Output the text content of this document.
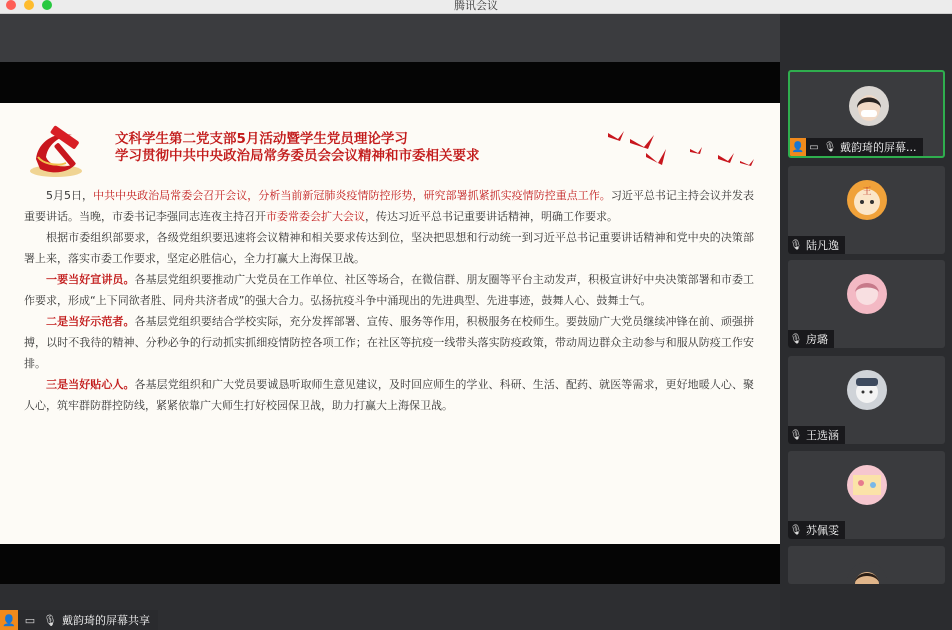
腾讯会议
文科学生第二党支部5月活动暨学生党员理论学习
学习贯彻中共中央政治局常务委员会会议精神和市委相关要求

5月5日，中共中央政治局常委会召开会议，分析当前新冠肺炎疫情防控形势，研究部署抓紧抓实疫情防控重点工作。习近平总书记主持会议并发表重要讲话。当晚，市委书记李强同志连夜主持召开市委常委会扩大会议，传达习近平总书记重要讲话精神，明确工作要求。

根据市委组织部要求，各级党组织要迅速将会议精神和相关要求传达到位，坚决把思想和行动统一到习近平总书记重要讲话精神和党中央的决策部署上来，落实市委工作要求，坚定必胜信心，全力打赢大上海保卫战。

一要当好宣讲员。各基层党组织要推动广大党员在工作单位、社区等场合，在微信群、朋友圈等平台主动发声，积极宣讲好中央决策部署和市委工作要求，形成“上下同欲者胜、同舟共济者成”的强大合力。弘扬抗疫斗争中涌现出的先进典型、先进事迹，鼓舞人心、鼓舞士气。

二是当好示范者。各基层党组织要结合学校实际，充分发挥部署、宣传、服务等作用，积极服务在校师生。要鼓励广大党员继续冲锋在前、顽强拼搏，以时不我待的精神、分秒必争的行动抓实抓细疫情防控各项工作；在社区等抗疫一线带头落实防疫政策，带动周边群众主动参与和服从防疫工作安排。

三是当好贴心人。各基层党组织和广大党员要诚恳听取师生意见建议，及时回应师生的学业、科研、生活、配药、就医等需求，更好地暖人心、聚人心，筑牢群防群控防线，紧紧依靠广大师生打好校园保卫战，助力打赢大上海保卫战。

👤 ▭ 🎙 戴韵琦的屏幕共享
👤 ▭ 🎙 戴韵琦的屏幕...
王
🎙 陆凡逸
🎙 房璐
🎙 王选涵
🎙 苏佩雯
